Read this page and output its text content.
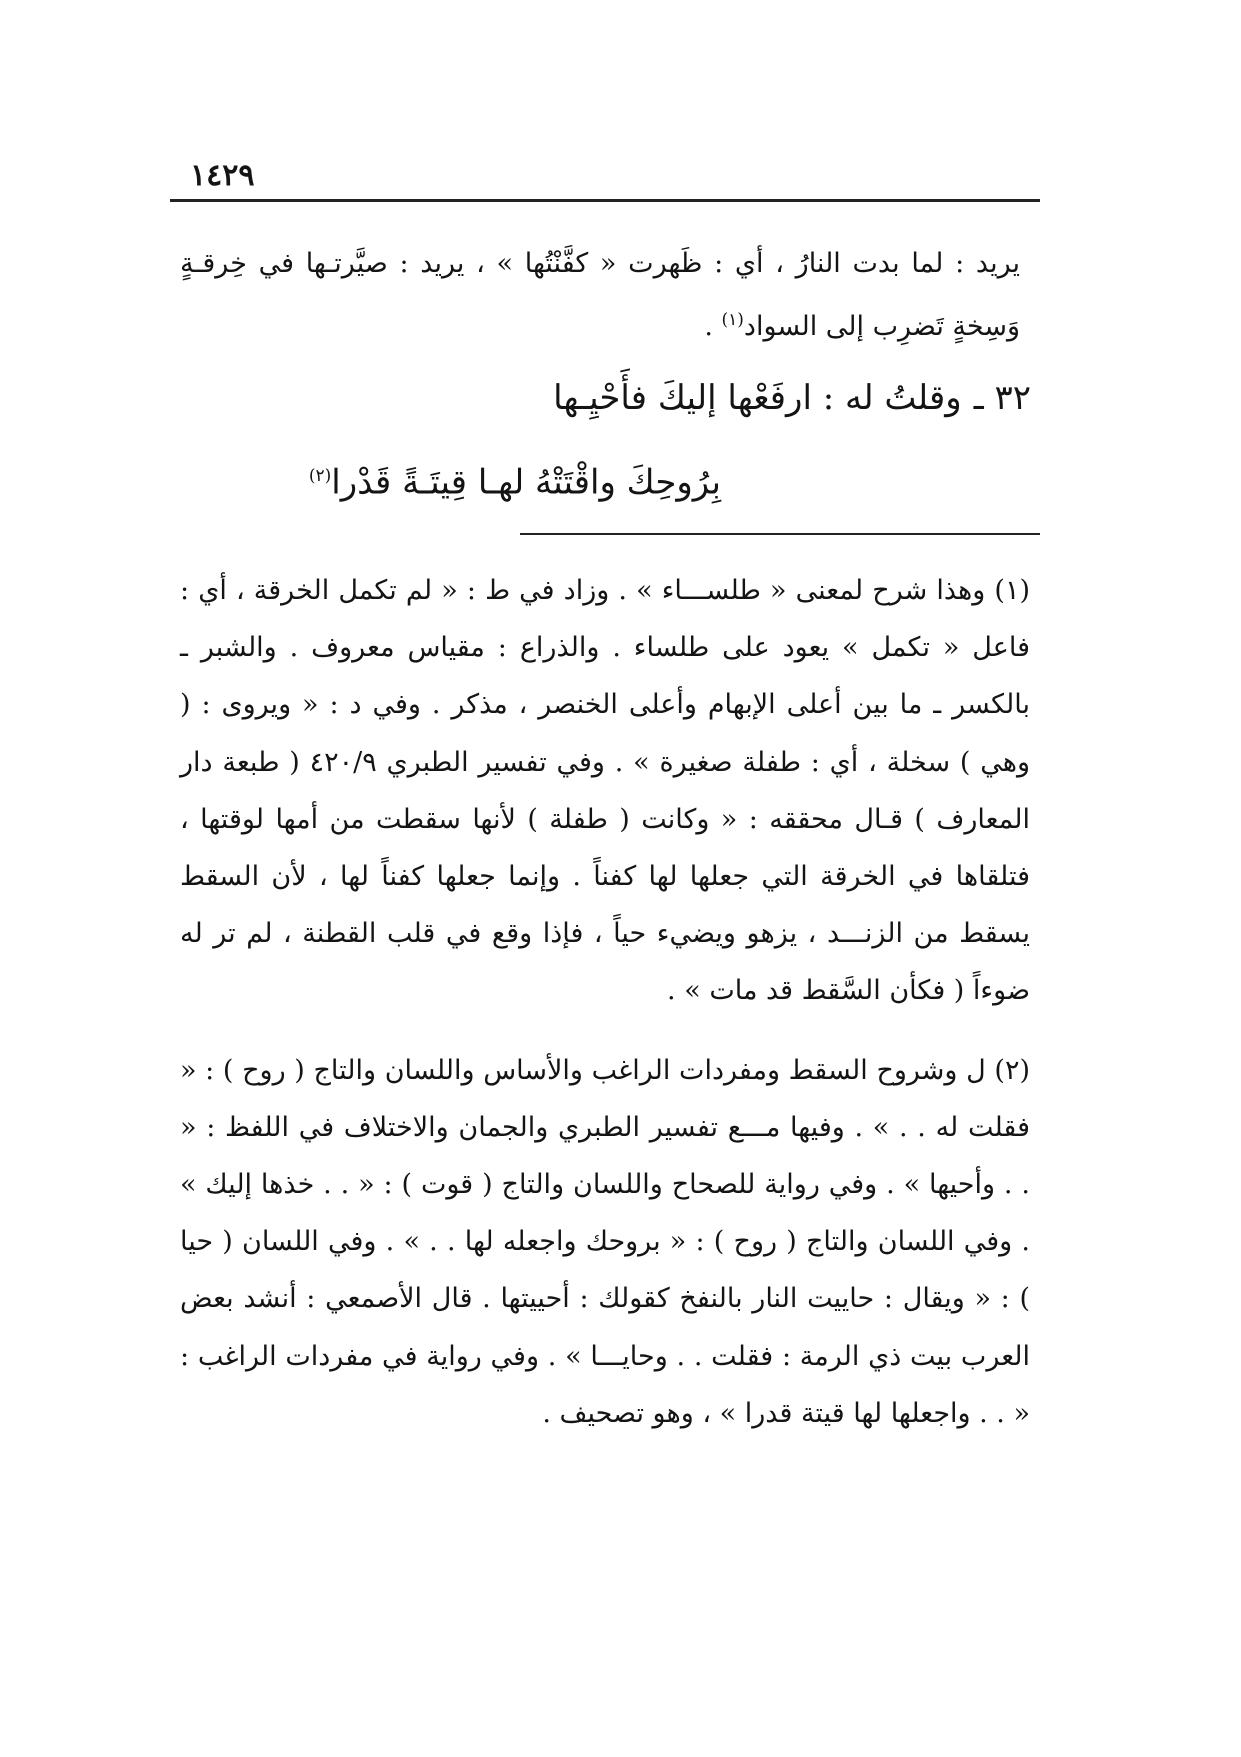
١٤٢٩

يريد : لما بدت النارُ ، أي : ظَهرت « كفَّنْتُها » ، يريد : صيَّرتـها في خِرقـةٍ وَسِخةٍ تَضرِب إلى السواد$^{(١)}$ .

٣٢ ـوقلتُ له : ارفَعْها إليكَ فأَحْيِـها
بِرُوحِكَ واقْتَتْهُ لهـا قِيتَـةً قَدْرا$^{(٢)}$

(١) وهذا شرح لمعنى « طلســـاء » . وزاد في ط : « لم تكمل الخرقة ، أي : فاعل « تكمل » يعود على طلساء . والذراع : مقياس معروف . والشبر ـ بالكسر ـ ما بين أعلى الإبهام وأعلى الخنصر ، مذكر . وفي د : « ويروى : ( وهي ) سخلة ، أي : طفلة صغيرة » . وفي تفسير الطبري ٤٢٠/٩ ( طبعة دار المعارف ) قـال محققه : « وكانت ( طفلة ) لأنها سقطت من أمها لوقتها ، فتلقاها في الخرقة التي جعلها لها كفناً . وإنما جعلها كفناً لها ، لأن السقط يسقط من الزنـــد ، يزهو ويضيء حياً ، فإذا وقع في قلب القطنة ، لم تر له ضوءاً ( فكأن السَّقط قد مات » .

(٢) ل وشروح السقط ومفردات الراغب والأساس واللسان والتاج ( روح ) : « فقلت له . . » . وفيها مـــع تفسير الطبري والجمان والاختلاف في اللفظ : « . . وأحيها » . وفي رواية للصحاح واللسان والتاج ( قوت ) : « . . خذها إليك » . وفي اللسان والتاج ( روح ) : « بروحك واجعله لها . . » . وفي اللسان ( حيا ) : « ويقال : حاييت النار بالنفخ كقولك : أحييتها . قال الأصمعي : أنشد بعض العرب بيت ذي الرمة : فقلت . . وحايـــا » . وفي رواية في مفردات الراغب : « . . واجعلها لها قيتة قدرا » ، وهو تصحيف .
